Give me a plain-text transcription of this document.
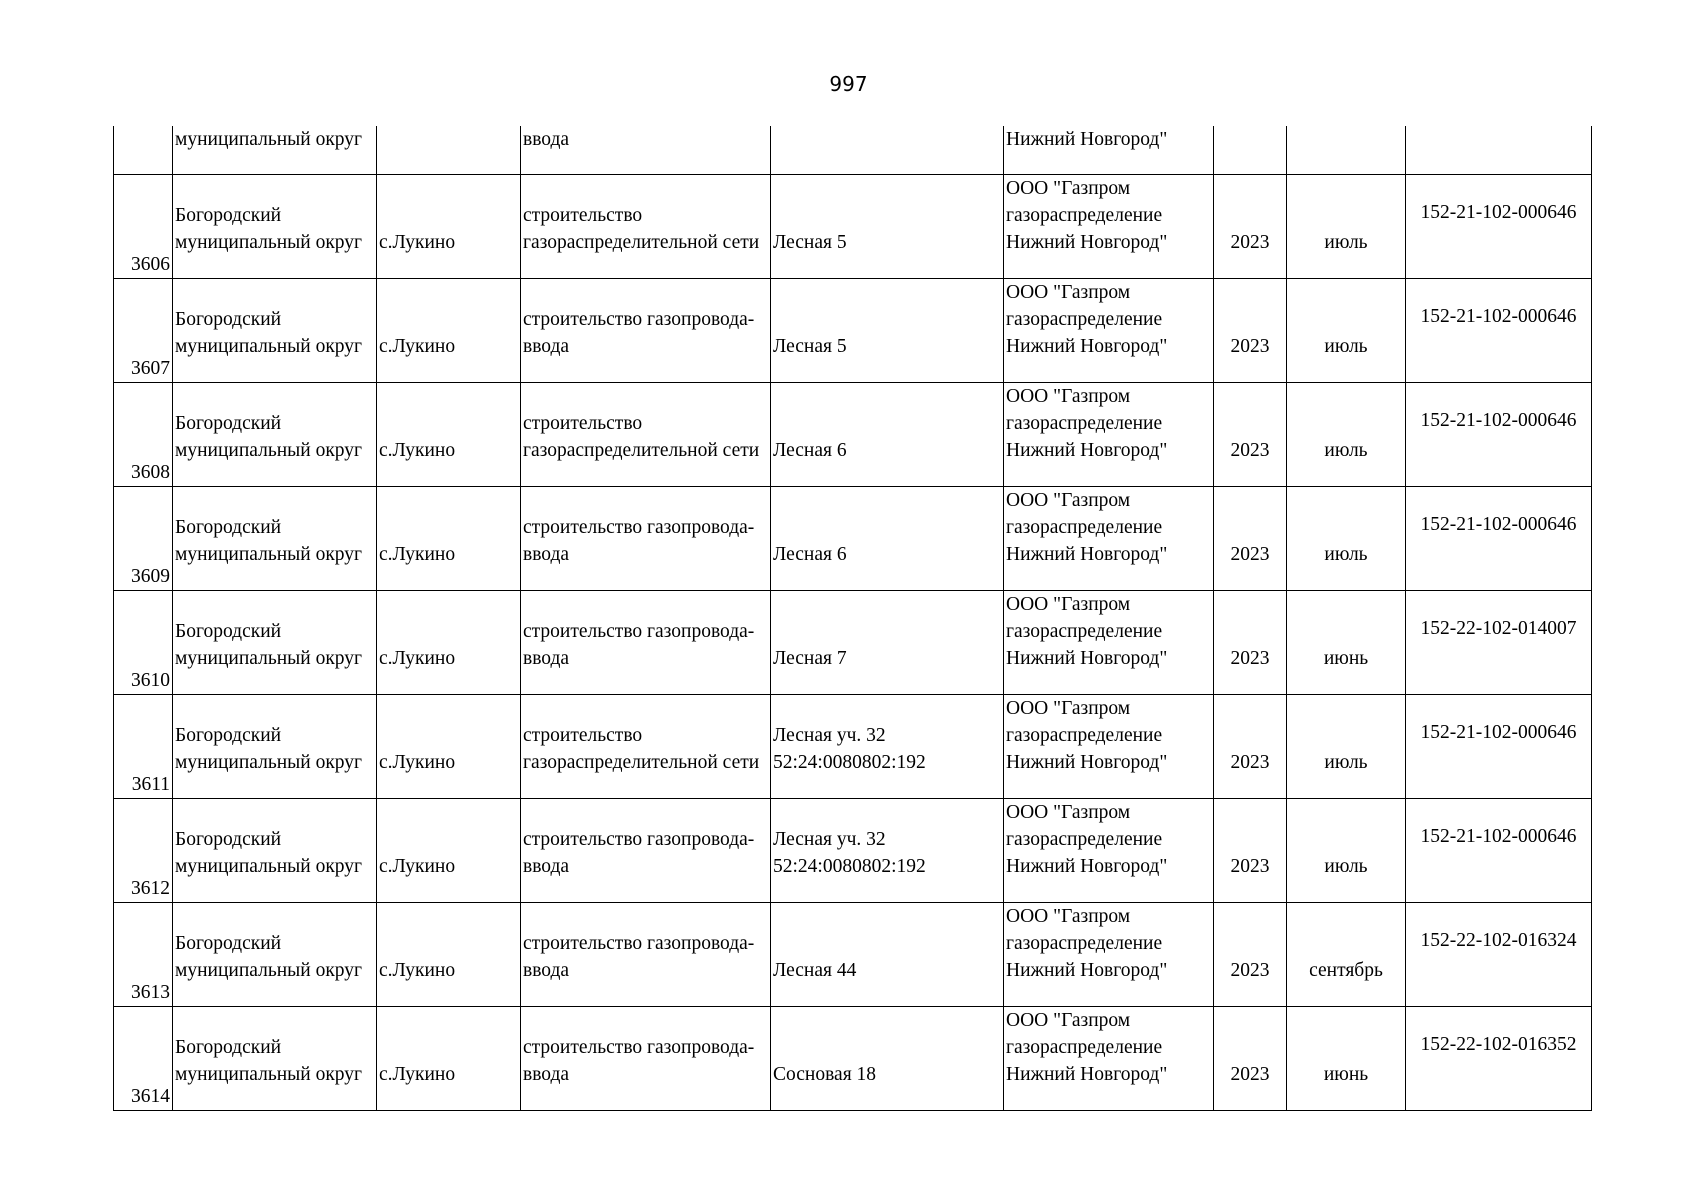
997
	муниципальный округ		ввода		Нижний Новгород"			

3606	Богородский муниципальный округ	с.Лукино	строительство газораспределительной сети	Лесная 5	ООО "Газпром газораспределение Нижний Новгород"	2023	июль	152-21-102-000646

3607	Богородский муниципальный округ	с.Лукино	строительство газопровода-ввода	Лесная 5	ООО "Газпром газораспределение Нижний Новгород"	2023	июль	152-21-102-000646

3608	Богородский муниципальный округ	с.Лукино	строительство газораспределительной сети	Лесная 6	ООО "Газпром газораспределение Нижний Новгород"	2023	июль	152-21-102-000646

3609	Богородский муниципальный округ	с.Лукино	строительство газопровода-ввода	Лесная 6	ООО "Газпром газораспределение Нижний Новгород"	2023	июль	152-21-102-000646

3610	Богородский муниципальный округ	с.Лукино	строительство газопровода-ввода	Лесная 7	ООО "Газпром газораспределение Нижний Новгород"	2023	июнь	152-22-102-014007

3611	Богородский муниципальный округ	с.Лукино	строительство газораспределительной сети	Лесная уч. 32 52:24:0080802:192	ООО "Газпром газораспределение Нижний Новгород"	2023	июль	152-21-102-000646

3612	Богородский муниципальный округ	с.Лукино	строительство газопровода-ввода	Лесная уч. 32 52:24:0080802:192	ООО "Газпром газораспределение Нижний Новгород"	2023	июль	152-21-102-000646

3613	Богородский муниципальный округ	с.Лукино	строительство газопровода-ввода	Лесная 44	ООО "Газпром газораспределение Нижний Новгород"	2023	сентябрь	152-22-102-016324

3614	Богородский муниципальный округ	с.Лукино	строительство газопровода-ввода	Сосновая 18	ООО "Газпром газораспределение Нижний Новгород"	2023	июнь	152-22-102-016352
